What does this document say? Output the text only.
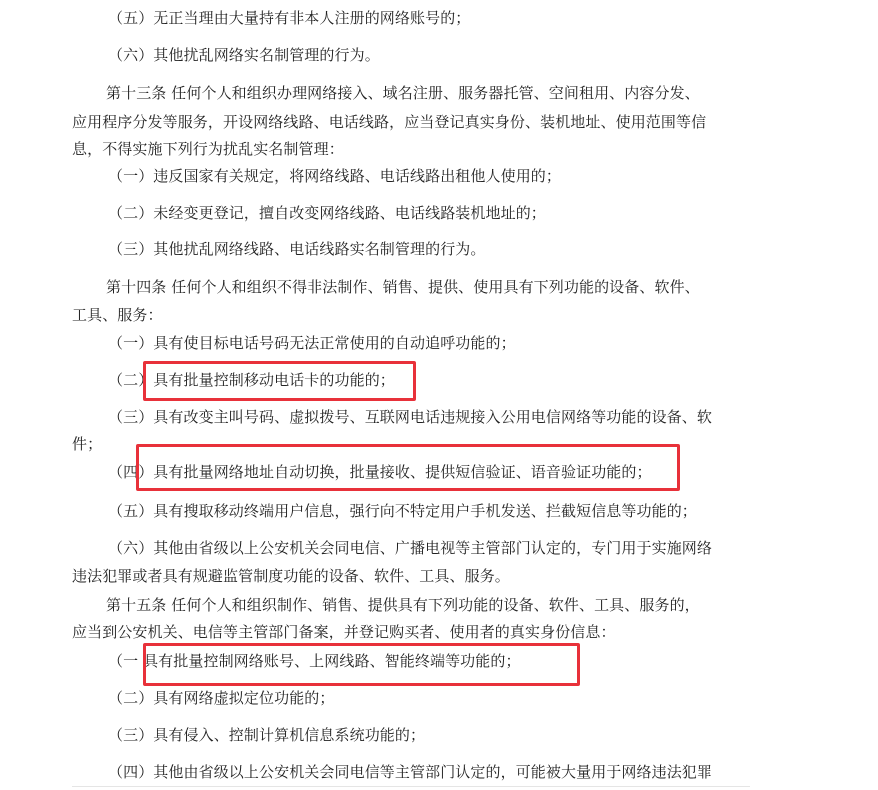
（五）无正当理由大量持有非本人注册的网络账号的；
（六）其他扰乱网络实名制管理的行为。
第十三条 任何个人和组织办理网络接入、域名注册、服务器托管、空间租用、内容分发、
应用程序分发等服务，开设网络线路、电话线路，应当登记真实身份、装机地址、使用范围等信
息，不得实施下列行为扰乱实名制管理：
（一）违反国家有关规定，将网络线路、电话线路出租他人使用的；
（二）未经变更登记，擅自改变网络线路、电话线路装机地址的；
（三）其他扰乱网络线路、电话线路实名制管理的行为。
第十四条 任何个人和组织不得非法制作、销售、提供、使用具有下列功能的设备、软件、
工具、服务：
（一）具有使目标电话号码无法正常使用的自动追呼功能的；
（二）具有批量控制移动电话卡的功能的；
（三）具有改变主叫号码、虚拟拨号、互联网电话违规接入公用电信网络等功能的设备、软
件；
（四）具有批量网络地址自动切换，批量接收、提供短信验证、语音验证功能的；
（五）具有搜取移动终端用户信息，强行向不特定用户手机发送、拦截短信息等功能的；
（六）其他由省级以上公安机关会同电信、广播电视等主管部门认定的，专门用于实施网络
违法犯罪或者具有规避监管制度功能的设备、软件、工具、服务。
第十五条 任何个人和组织制作、销售、提供具有下列功能的设备、软件、工具、服务的，
应当到公安机关、电信等主管部门备案，并登记购买者、使用者的真实身份信息：
（一 具有批量控制网络账号、上网线路、智能终端等功能的；
（二）具有网络虚拟定位功能的；
（三）具有侵入、控制计算机信息系统功能的；
（四）其他由省级以上公安机关会同电信等主管部门认定的，可能被大量用于网络违法犯罪
